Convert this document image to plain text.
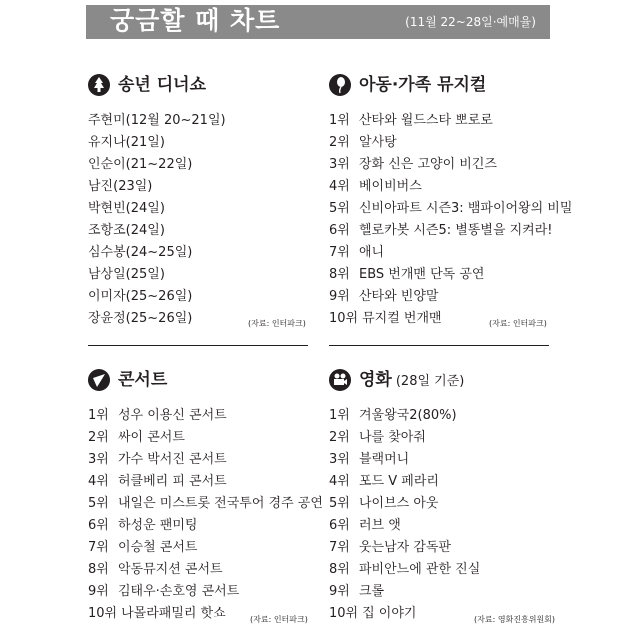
궁금할 때 차트	(11월 22~28일·예매율)
송년 디너쇼
주현미(12월 20~21일)
유지나(21일)
인순이(21~22일)
남진(23일)
박현빈(24일)
조항조(24일)
심수봉(24~25일)
남상일(25일)
이미자(25~26일)
장윤정(25~26일)	(자료: 인터파크)
아동·가족 뮤지컬
1위 산타와 윌드스타 뽀로로
2위 알사탕
3위 장화 신은 고양이 비긴즈
4위 베이비버스
5위 신비아파트 시즌3: 뱀파이어왕의 비밀
6위 헬로카봇 시즌5: 별똥별을 지켜라!
7위 애니
8위 EBS 번개맨 단독 공연
9위 산타와 빈양말
10위 뮤지컬 번개맨	(자료: 인터파크)
콘서트
1위 성우 이용신 콘서트
2위 싸이 콘서트
3위 가수 박서진 콘서트
4위 허클베리 피 콘서트
5위 내일은 미스트롯 전국투어 경주 공연
6위 하성운 팬미팅
7위 이승철 콘서트
8위 악동뮤지션 콘서트
9위 김태우·손호영 콘서트
10위 나몰라패밀리 핫쇼	(자료: 인터파크)
영화 (28일 기준)
1위 겨울왕국2(80%)
2위 나를 찾아줘
3위 블랙머니
4위 포드 V 페라리
5위 나이브스 아웃
6위 러브 앳
7위 웃는남자 감독판
8위 파비안느에 관한 진실
9위 크롤
10위 집 이야기	(자료: 영화진흥위원회)
